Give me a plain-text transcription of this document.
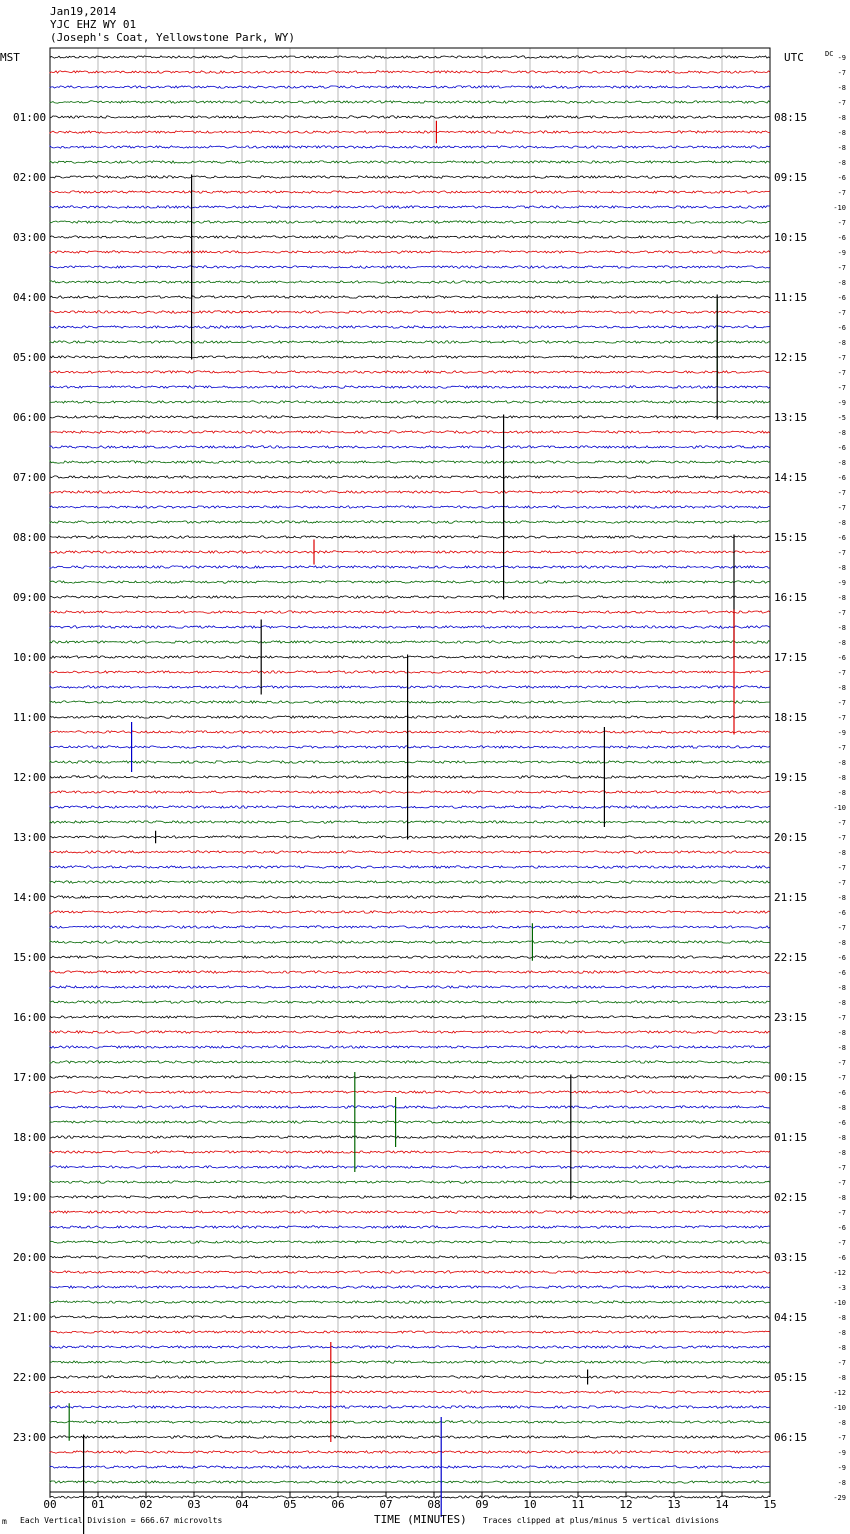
Jan19,2014
YJC EHZ WY 01
(Joseph's Coat, Yellowstone Park, WY)
MST	UTC
01:00
02:00
03:00
04:00
05:00
06:00
07:00
08:00
09:00
10:00
11:00
12:00
13:00
14:00
15:00
16:00
17:00
18:00
19:00
20:00
21:00
22:00
23:00
08:15
09:15
10:15
11:15
12:15
13:15
14:15
15:15
16:15
17:15
18:15
19:15
20:15
21:15
22:15
23:15
00:15
01:15
02:15
03:15
04:15
05:15
06:15
DC -9
-7
-8
-7
-8
-8
-8
-8
-6
-7
-10
-7
-6
-9
-7
-8
-6
-7
-6
-8
-7
-7
-7
-9
-5
-8
-6
-8
-6
-7
-7
-8
-6
-7
-8
-9
-8
-7
-8
-8
-6
-7
-8
-7
-7
-9
-7
-8
-8
-8
-10
-7
-7
-8
-7
-7
-8
-6
-7
-8
-6
-6
-8
-8
-7
-8
-8
-7
-7
-6
-8
-6
-8
-8
-7
-7
-8
-7
-6
-7
-6
-12
-3
-10
-8
-8
-8
-7
-8
-12
-10
-8
-7
-9
-9
-8
-29
00	01	02	03	04	05	06	07	08	09	10	11	12	13	14	15
m Each Vertical Division = 666.67 microvolts	TIME (MINUTES) Traces clipped at plus/minus 5 vertical divisions
